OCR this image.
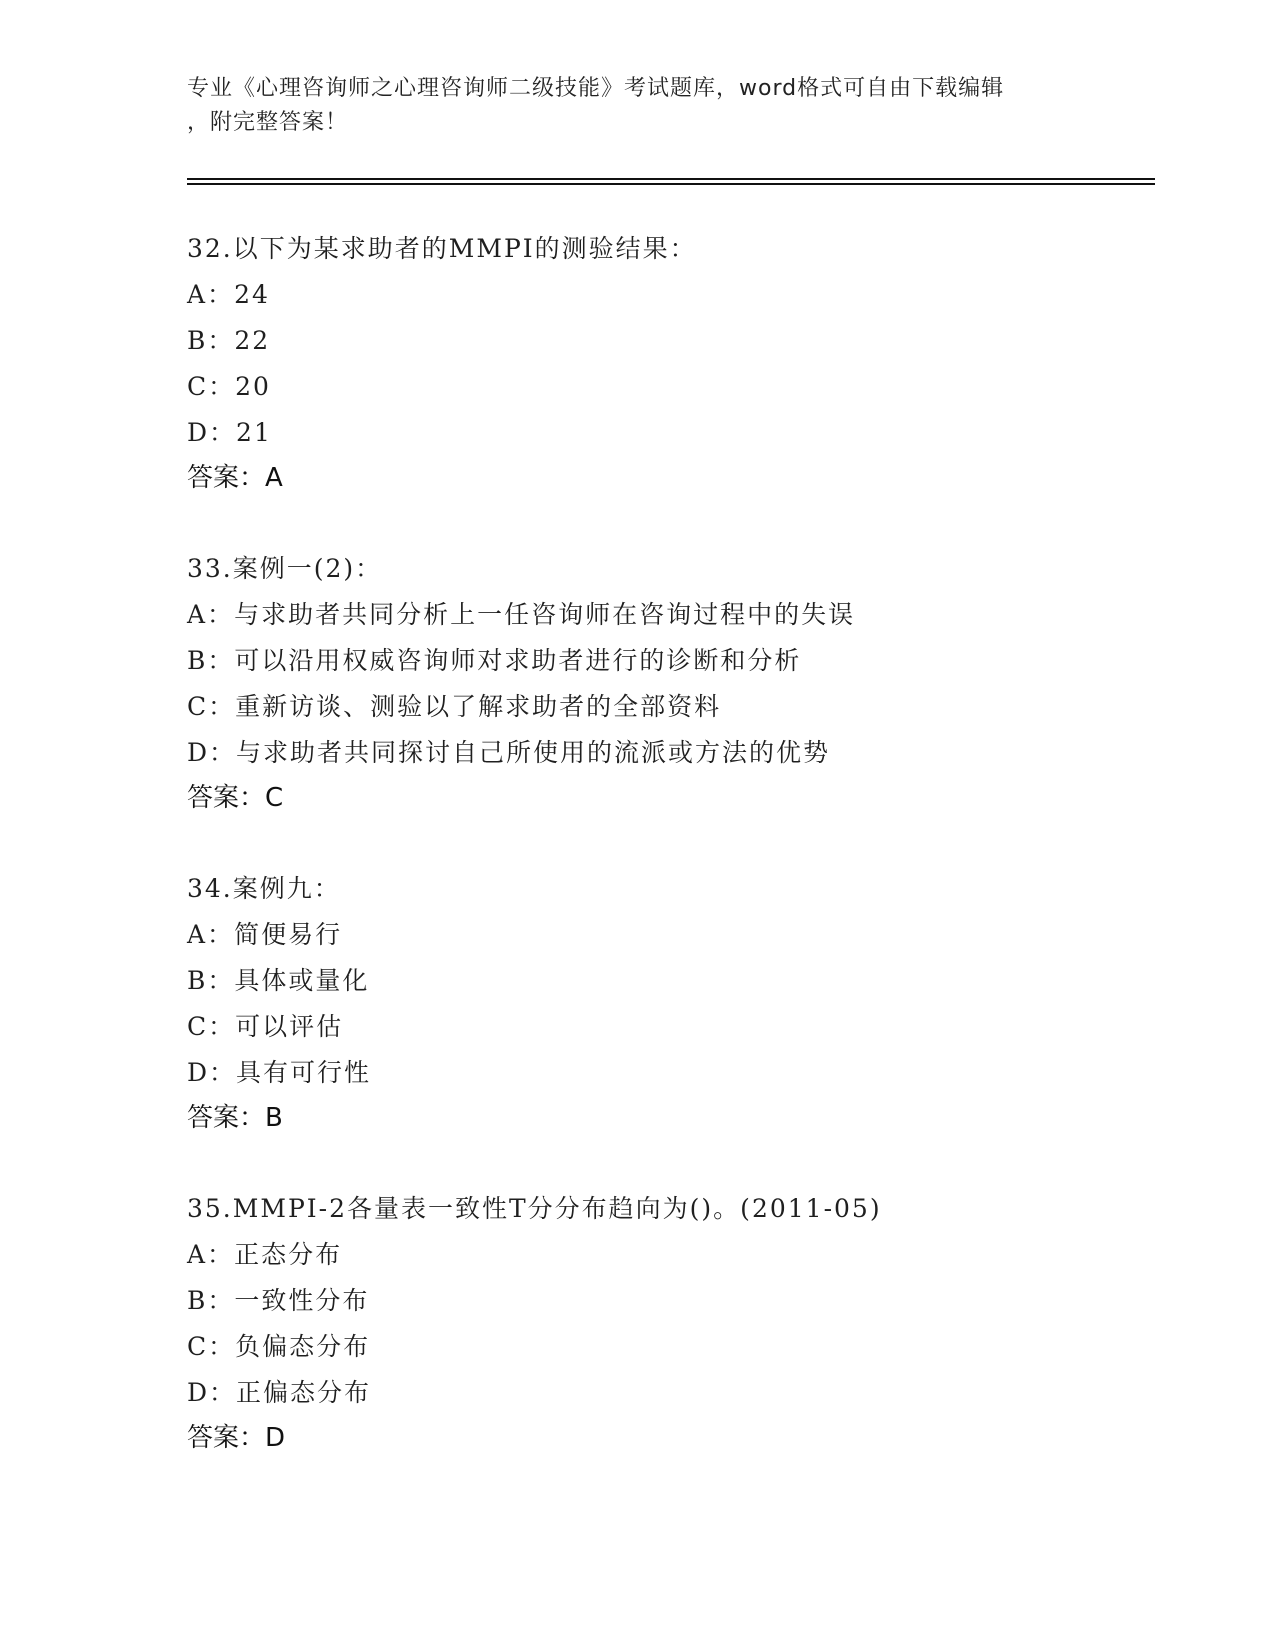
专业《心理咨询师之心理咨询师二级技能》考试题库，word格式可自由下载编辑
，附完整答案！
32.以下为某求助者的MMPI的测验结果：
A：24
B：22
C：20
D：21
答案：A
33.案例一(2)：
A：与求助者共同分析上一任咨询师在咨询过程中的失误
B：可以沿用权威咨询师对求助者进行的诊断和分析
C：重新访谈、测验以了解求助者的全部资料
D：与求助者共同探讨自己所使用的流派或方法的优势
答案：C
34.案例九：
A：简便易行
B：具体或量化
C：可以评估
D：具有可行性
答案：B
35.MMPI-2各量表一致性T分分布趋向为()。(2011-05)
A：正态分布
B：一致性分布
C：负偏态分布
D：正偏态分布
答案：D
